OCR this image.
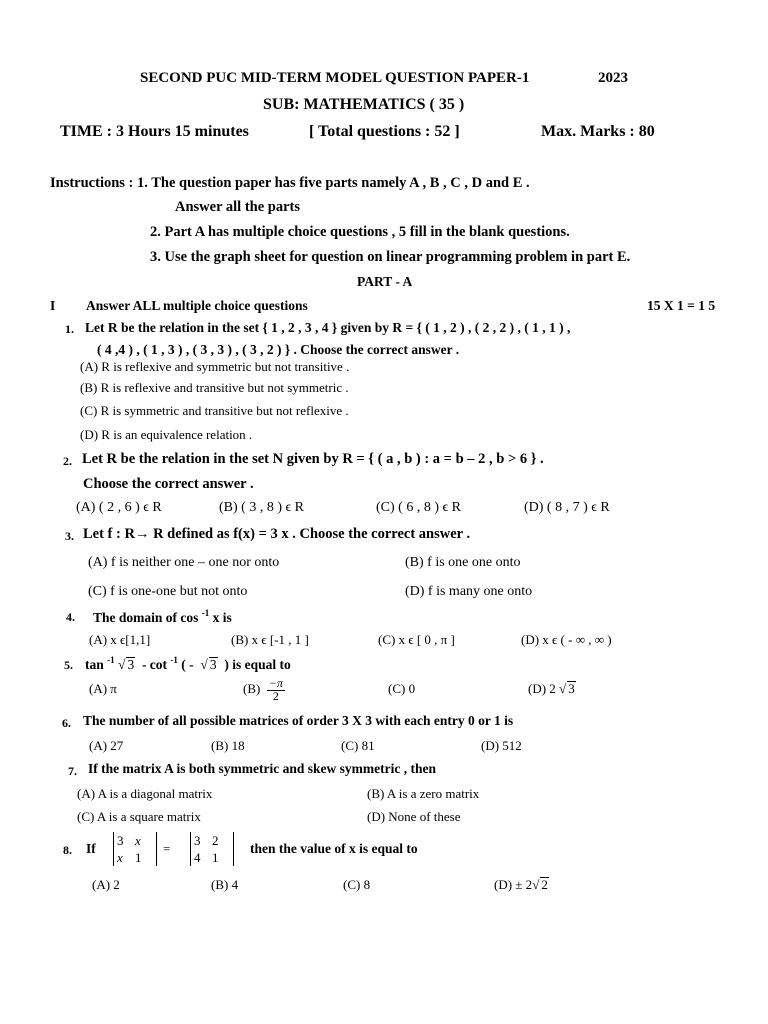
SECOND PUC MID-TERM MODEL QUESTION PAPER-1	2023
SUB: MATHEMATICS ( 35 )
TIME : 3 Hours 15 minutes	[ Total questions : 52 ]	Max. Marks : 80
Instructions : 1. The question paper has five parts namely A , B , C , D and E .
Answer all the parts
2. Part A has multiple choice questions , 5 fill in the blank questions.
3. Use the graph sheet for question on linear programming problem in part E.
PART - A
I Answer ALL multiple choice questions	15 X 1 = 1 5
1. Let R be the relation in the set { 1 , 2 , 3 , 4 } given by R = { ( 1 , 2 ) , ( 2 , 2 ) , ( 1 , 1 ) ,
( 4 ,4 ) , ( 1 , 3 ) , ( 3 , 3 ) , ( 3 , 2 ) } . Choose the correct answer .
(A) R is reflexive and symmetric but not transitive .
(B) R is reflexive and transitive but not symmetric .
(C) R is symmetric and transitive but not reflexive .
(D) R is an equivalence relation .
2. Let R be the relation in the set N given by R = { ( a , b ) : a = b – 2 , b > 6 } .
Choose the correct answer .
(A) ( 2 , 6 ) ϵ R	(B) ( 3 , 8 ) ϵ R	(C) ( 6 , 8 ) ϵ R	(D) ( 8 , 7 ) ϵ R
3. Let f : R→ R defined as f(x) = 3 x . Choose the correct answer .
(A) f is neither one – one nor onto	(B) f is one one onto
(C) f is one-one but not onto	(D) f is many one onto
4. The domain of cos $^{-1}$ x is
(A) x ϵ[1,1]	(B) x ϵ [-1 , 1 ]	(C) x ϵ [ 0 , π ]	(D) x ϵ ( - ∞ , ∞ )
5. tan $^{-1}$ √ 3 - cot $^{-1}$ ( - √ 3 ) is equal to
(A) π	$(B) \frac{-\pi}{2}$	(C) 0	(D) 2 √ 3
6. The number of all possible matrices of order 3 X 3 with each entry 0 or 1 is
(A) 27	(B) 18	(C) 81	(D) 512
7. If the matrix A is both symmetric and skew symmetric , then
(A) A is a diagonal matrix	(B) A is a zero matrix
(C) A is a square matrix	(D) None of these
8. If
3 x
x 1
=
3 2
4 1
then the value of x is equal to
(A) 2	(B) 4	(C) 8	(D) ± 2√ 2
